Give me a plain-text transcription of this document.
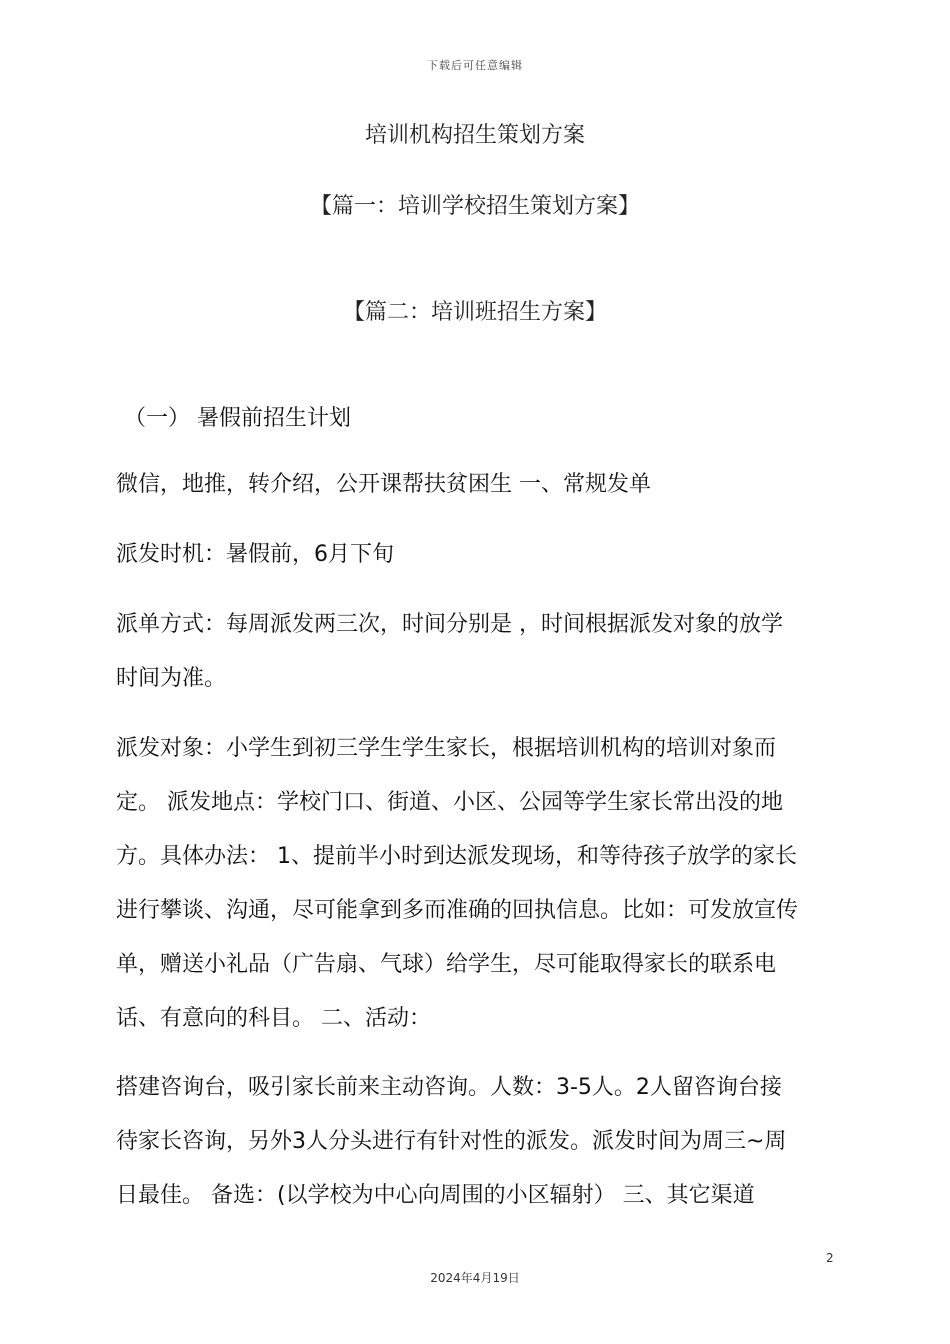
下载后可任意编辑
培训机构招生策划方案
【篇一：培训学校招生策划方案】
【篇二：培训班招生方案】
（一） 暑假前招生计划
微信，地推，转介绍，公开课帮扶贫困生 一、常规发单
派发时机：暑假前，6月下旬
派单方式：每周派发两三次，时间分别是 ，时间根据派发对象的放学
时间为准。
派发对象：小学生到初三学生学生家长，根据培训机构的培训对象而
定。 派发地点：学校门口、街道、小区、公园等学生家长常出没的地
方。具体办法： 1、提前半小时到达派发现场，和等待孩子放学的家长
进行攀谈、沟通，尽可能拿到多而准确的回执信息。比如：可发放宣传
单，赠送小礼品（广告扇、气球）给学生，尽可能取得家长的联系电
话、有意向的科目。 二、活动：
搭建咨询台，吸引家长前来主动咨询。人数：3-5人。2人留咨询台接
待家长咨询，另外3人分头进行有针对性的派发。派发时间为周三~周
日最佳。 备选：(以学校为中心向周围的小区辐射） 三、其它渠道
2
2024年4月19日
